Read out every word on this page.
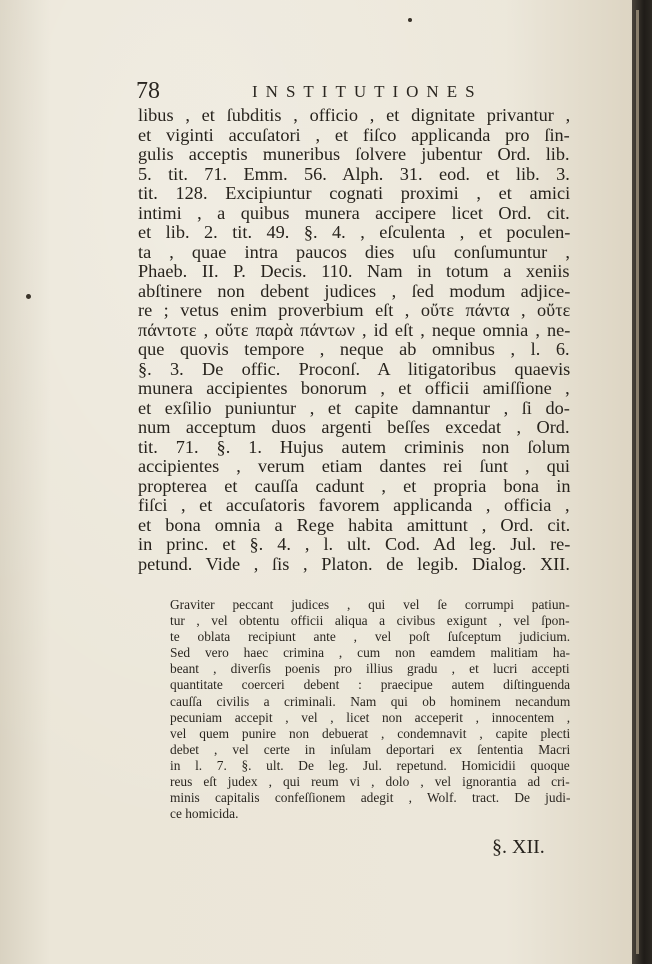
78	INSTITUTIONES
libus , et ſubditis , officio , et dignitate privantur ,
et viginti accuſatori , et fiſco applicanda pro ſin-
gulis acceptis muneribus ſolvere jubentur Ord. lib.
5. tit. 71. Emm. 56. Alph. 31. eod. et lib. 3.
tit. 128. Excipiuntur cognati proximi , et amici
intimi , a quibus munera accipere licet Ord. cit.
et lib. 2. tit. 49. §. 4. , eſculenta , et poculen-
ta , quae intra paucos dies uſu conſumuntur ,
Phaeb. II. P. Decis. 110. Nam in totum a xeniis
abſtinere non debent judices , ſed modum adjice-
re ; vetus enim proverbium eſt , οὔτε πάντα , οὔτε
πάντοτε , οὔτε παρὰ πάντων , id eſt , neque omnia , ne-
que quovis tempore , neque ab omnibus , l. 6.
§. 3. De offic. Proconſ. A litigatoribus quaevis
munera accipientes bonorum , et officii amiſſione ,
et exſilio puniuntur , et capite damnantur , ſi do-
num acceptum duos argenti beſſes excedat , Ord.
tit. 71. §. 1. Hujus autem criminis non ſolum
accipientes , verum etiam dantes rei ſunt , qui
propterea et cauſſa cadunt , et propria bona in
fiſci , et accuſatoris favorem applicanda , officia ,
et bona omnia a Rege habita amittunt , Ord. cit.
in princ. et §. 4. , l. ult. Cod. Ad leg. Jul. re-
petund. Vide , ſis , Platon. de legib. Dialog. XII.
Graviter peccant judices , qui vel ſe corrumpi patiun-
tur , vel obtentu officii aliqua a civibus exigunt , vel ſpon-
te oblata recipiunt ante , vel poſt ſuſceptum judicium.
Sed vero haec crimina , cum non eamdem malitiam ha-
beant , diverſis poenis pro illius gradu , et lucri accepti
quantitate coerceri debent : praecipue autem diſtinguenda
cauſſa civilis a criminali. Nam qui ob hominem necandum
pecuniam accepit , vel , licet non acceperit , innocentem ,
vel quem punire non debuerat , condemnavit , capite plecti
debet , vel certe in inſulam deportari ex ſententia Macri
in l. 7. §. ult. De leg. Jul. repetund. Homicidii quoque
reus eſt judex , qui reum vi , dolo , vel ignorantia ad cri-
minis capitalis confeſſionem adegit , Wolf. tract. De judi-
ce homicida.
§. XII.
